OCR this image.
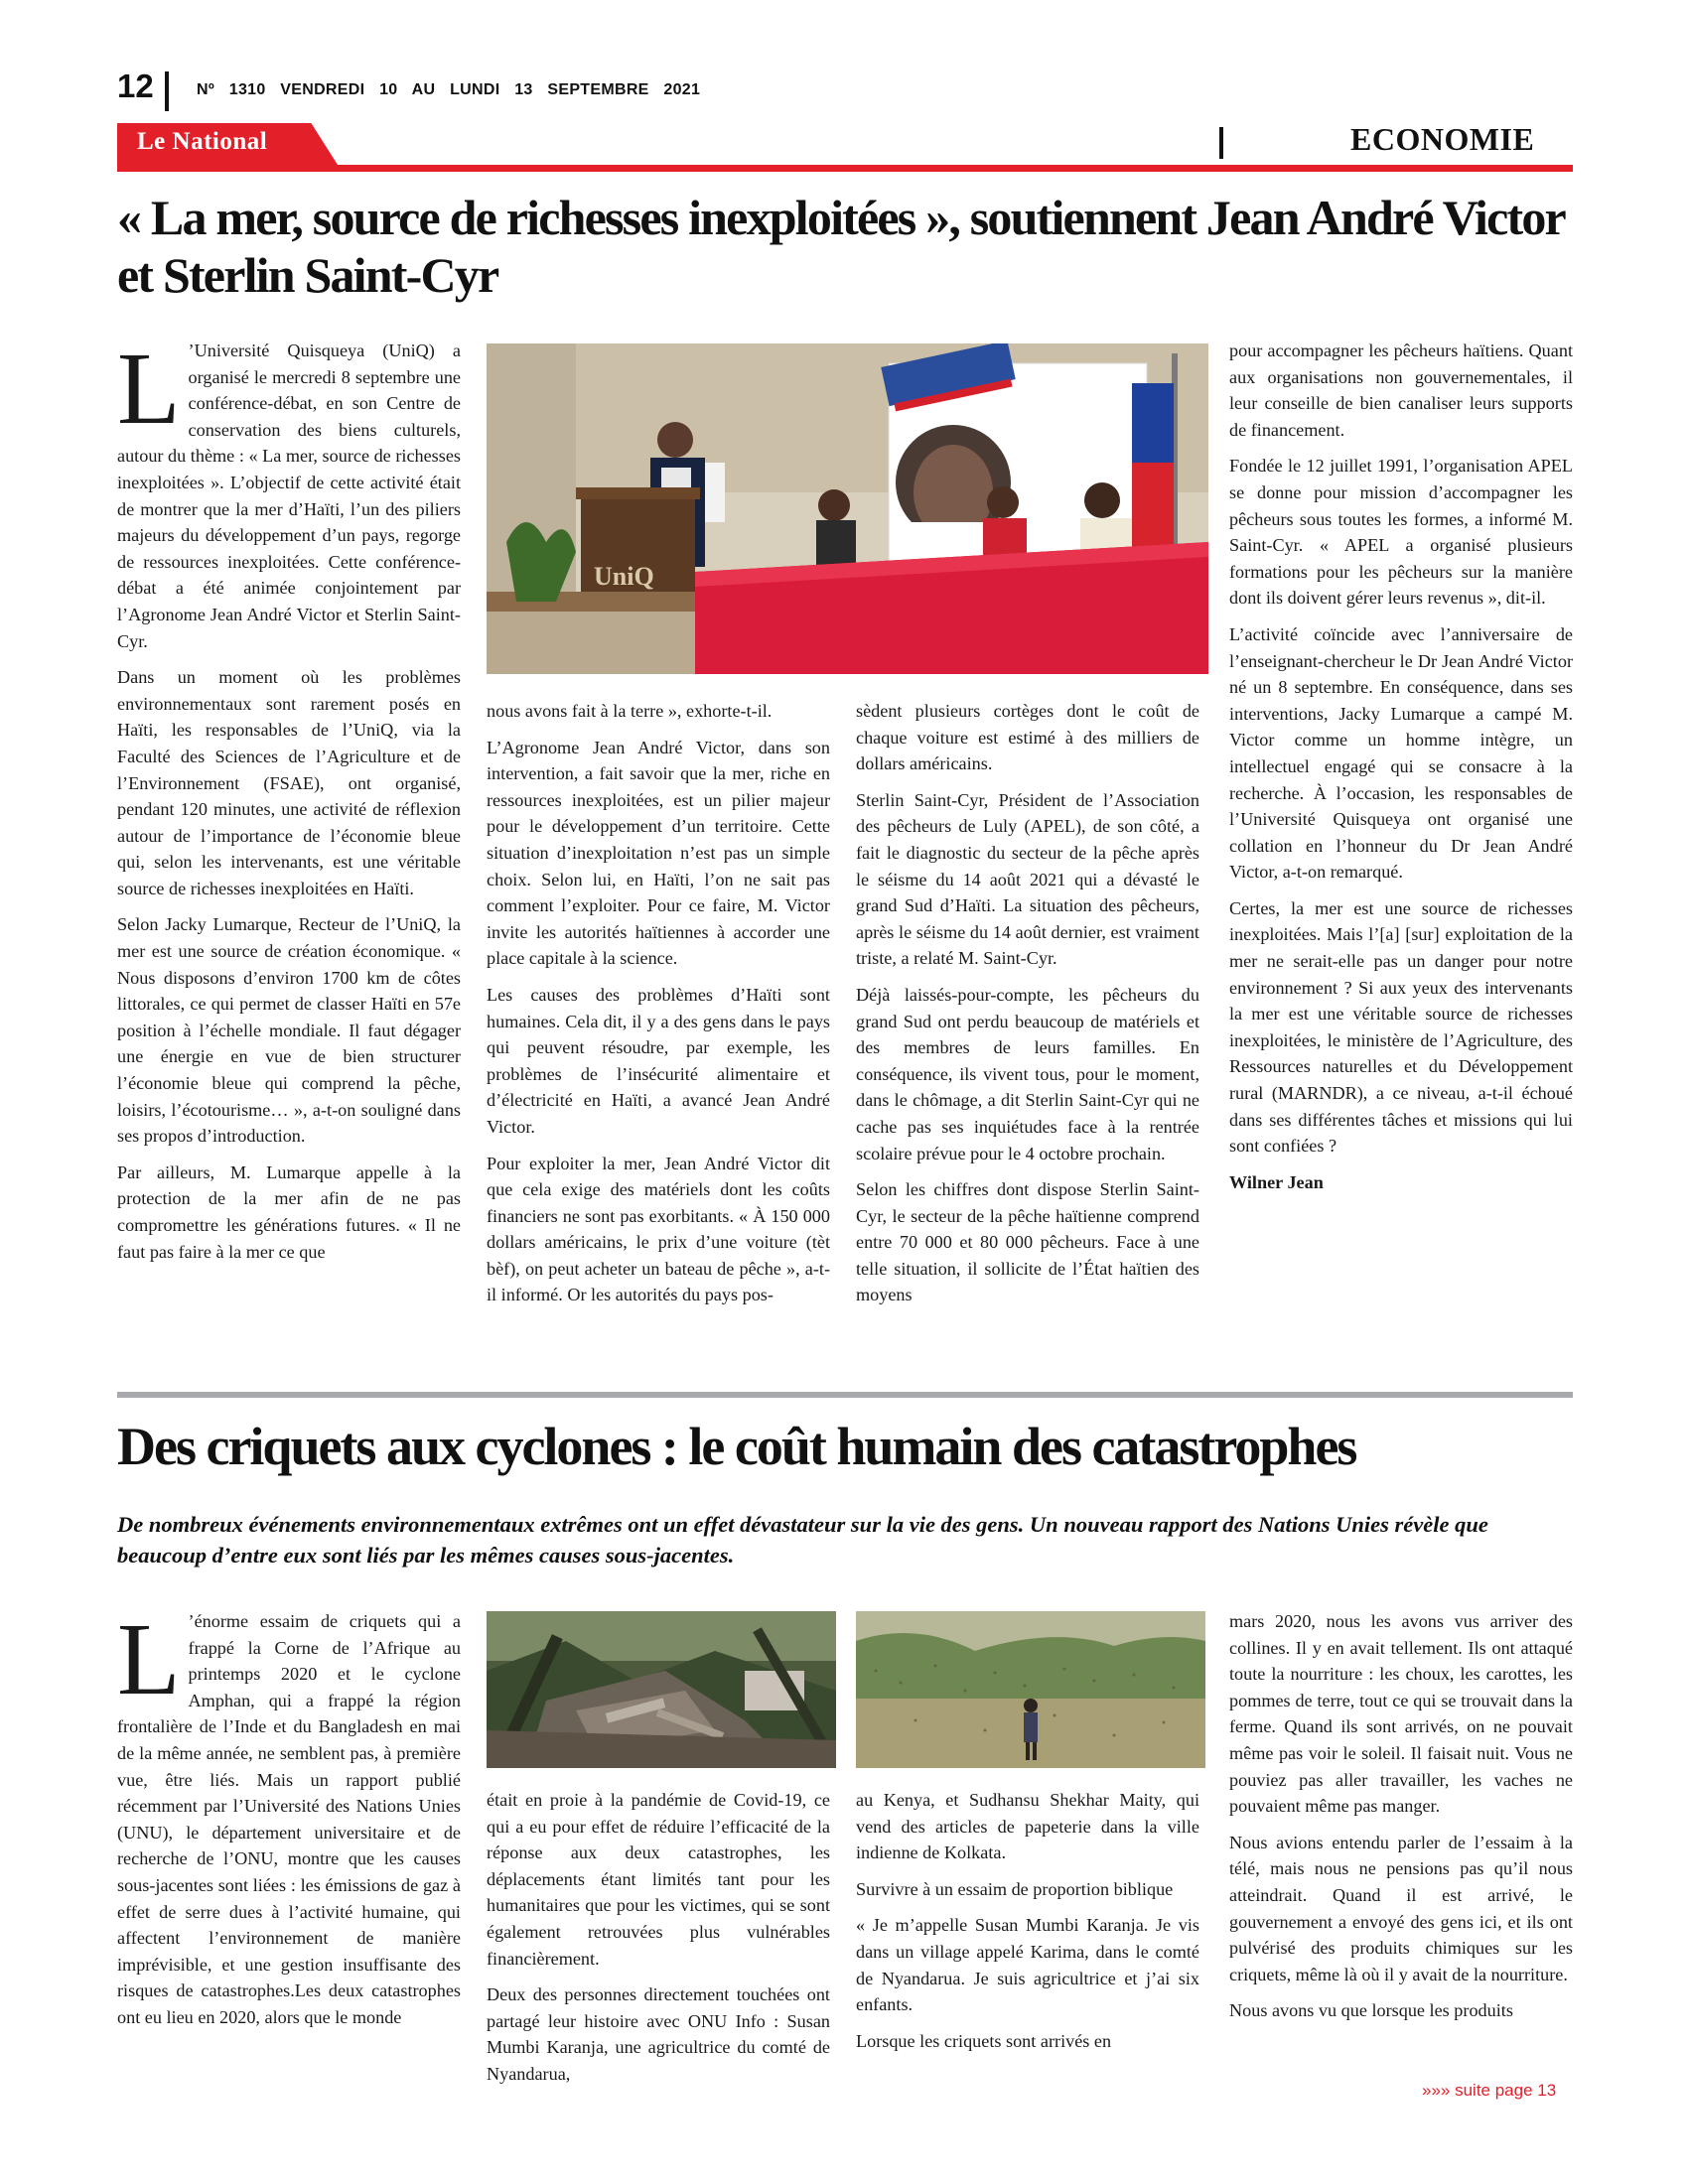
12	Nº 1310 VENDREDI 10 AU LUNDI 13 SEPTEMBRE 2021
Le National	ECONOMIE
« La mer, source de richesses inexploitées », soutiennent Jean André Victor et Sterlin Saint-Cyr
UniQ

L ’Université Quisqueya (UniQ) a organisé le mercredi 8 septembre une conférence-débat, en son Centre de conservation des biens culturels, autour du thème : « La mer, source de richesses inexploitées ». L’objectif de cette activité était de montrer que la mer d’Haïti, l’un des piliers majeurs du développement d’un pays, regorge de ressources inexploitées. Cette conférence-débat a été animée conjointement par l’Agronome Jean André Victor et Sterlin Saint-Cyr.

Dans un moment où les problèmes environnementaux sont rarement posés en Haïti, les responsables de l’UniQ, via la Faculté des Sciences de l’Agriculture et de l’Environnement (FSAE), ont organisé, pendant 120 minutes, une activité de réflexion autour de l’importance de l’économie bleue qui, selon les intervenants, est une véritable source de richesses inexploitées en Haïti.

Selon Jacky Lumarque, Recteur de l’UniQ, la mer est une source de création économique. « Nous disposons d’environ 1700 km de côtes littorales, ce qui permet de classer Haïti en 57e position à l’échelle mondiale. Il faut dégager une énergie en vue de bien structurer l’économie bleue qui comprend la pêche, loisirs, l’écotourisme… », a-t-on souligné dans ses propos d’introduction.

Par ailleurs, M. Lumarque appelle à la protection de la mer afin de ne pas compromettre les générations futures. « Il ne faut pas faire à la mer ce que

nous avons fait à la terre », exhorte-t-il.

L’Agronome Jean André Victor, dans son intervention, a fait savoir que la mer, riche en ressources inexploitées, est un pilier majeur pour le développement d’un territoire. Cette situation d’inexploitation n’est pas un simple choix. Selon lui, en Haïti, l’on ne sait pas comment l’exploiter. Pour ce faire, M. Victor invite les autorités haïtiennes à accorder une place capitale à la science.

Les causes des problèmes d’Haïti sont humaines. Cela dit, il y a des gens dans le pays qui peuvent résoudre, par exemple, les problèmes de l’insécurité alimentaire et d’électricité en Haïti, a avancé Jean André Victor.

Pour exploiter la mer, Jean André Victor dit que cela exige des matériels dont les coûts financiers ne sont pas exorbitants. « À 150 000 dollars américains, le prix d’une voiture (tèt bèf), on peut acheter un bateau de pêche », a-t-il informé. Or les autorités du pays pos-

sèdent plusieurs cortèges dont le coût de chaque voiture est estimé à des milliers de dollars américains.

Sterlin Saint-Cyr, Président de l’Association des pêcheurs de Luly (APEL), de son côté, a fait le diagnostic du secteur de la pêche après le séisme du 14 août 2021 qui a dévasté le grand Sud d’Haïti. La situation des pêcheurs, après le séisme du 14 août dernier, est vraiment triste, a relaté M. Saint-Cyr.

Déjà laissés-pour-compte, les pêcheurs du grand Sud ont perdu beaucoup de matériels et des membres de leurs familles. En conséquence, ils vivent tous, pour le moment, dans le chômage, a dit Sterlin Saint-Cyr qui ne cache pas ses inquiétudes face à la rentrée scolaire prévue pour le 4 octobre prochain.

Selon les chiffres dont dispose Sterlin Saint-Cyr, le secteur de la pêche haïtienne comprend entre 70 000 et 80 000 pêcheurs. Face à une telle situation, il sollicite de l’État haïtien des moyens

pour accompagner les pêcheurs haïtiens. Quant aux organisations non gouvernementales, il leur conseille de bien canaliser leurs supports de financement.

Fondée le 12 juillet 1991, l’organisation APEL se donne pour mission d’accompagner les pêcheurs sous toutes les formes, a informé M. Saint-Cyr. « APEL a organisé plusieurs formations pour les pêcheurs sur la manière dont ils doivent gérer leurs revenus », dit-il.

L’activité coïncide avec l’anniversaire de l’enseignant-chercheur le Dr Jean André Victor né un 8 septembre. En conséquence, dans ses interventions, Jacky Lumarque a campé M. Victor comme un homme intègre, un intellectuel engagé qui se consacre à la recherche. À l’occasion, les responsables de l’Université Quisqueya ont organisé une collation en l’honneur du Dr Jean André Victor, a-t-on remarqué.

Certes, la mer est une source de richesses inexploitées. Mais l’[a] [sur] exploitation de la mer ne serait-elle pas un danger pour notre environnement ? Si aux yeux des intervenants la mer est une véritable source de richesses inexploitées, le ministère de l’Agriculture, des Ressources naturelles et du Développement rural (MARNDR), a ce niveau, a-t-il échoué dans ses différentes tâches et missions qui lui sont confiées ?

Wilner Jean

Des criquets aux cyclones : le coût humain des catastrophes
De nombreux événements environnementaux extrêmes ont un effet dévastateur sur la vie des gens. Un nouveau rapport des Nations Unies révèle que beaucoup d’entre eux sont liés par les mêmes causes sous-jacentes.

L ’énorme essaim de criquets qui a frappé la Corne de l’Afrique au printemps 2020 et le cyclone Amphan, qui a frappé la région frontalière de l’Inde et du Bangladesh en mai de la même année, ne semblent pas, à première vue, être liés. Mais un rapport publié récemment par l’Université des Nations Unies (UNU), le département universitaire et de recherche de l’ONU, montre que les causes sous-jacentes sont liées : les émissions de gaz à effet de serre dues à l’activité humaine, qui affectent l’environnement de manière imprévisible, et une gestion insuffisante des risques de catastrophes.Les deux catastrophes ont eu lieu en 2020, alors que le monde

était en proie à la pandémie de Covid-19, ce qui a eu pour effet de réduire l’efficacité de la réponse aux deux catastrophes, les déplacements étant limités tant pour les humanitaires que pour les victimes, qui se sont également retrouvées plus vulnérables financièrement.

Deux des personnes directement touchées ont partagé leur histoire avec ONU Info : Susan Mumbi Karanja, une agricultrice du comté de Nyandarua,

au Kenya, et Sudhansu Shekhar Maity, qui vend des articles de papeterie dans la ville indienne de Kolkata.

Survivre à un essaim de proportion biblique

« Je m’appelle Susan Mumbi Karanja. Je vis dans un village appelé Karima, dans le comté de Nyandarua. Je suis agricultrice et j’ai six enfants.

Lorsque les criquets sont arrivés en

mars 2020, nous les avons vus arriver des collines. Il y en avait tellement. Ils ont attaqué toute la nourriture : les choux, les carottes, les pommes de terre, tout ce qui se trouvait dans la ferme. Quand ils sont arrivés, on ne pouvait même pas voir le soleil. Il faisait nuit. Vous ne pouviez pas aller travailler, les vaches ne pouvaient même pas manger.

Nous avions entendu parler de l’essaim à la télé, mais nous ne pensions pas qu’il nous atteindrait. Quand il est arrivé, le gouvernement a envoyé des gens ici, et ils ont pulvérisé des produits chimiques sur les criquets, même là où il y avait de la nourriture.

Nous avons vu que lorsque les produits

»»» suite page 13
